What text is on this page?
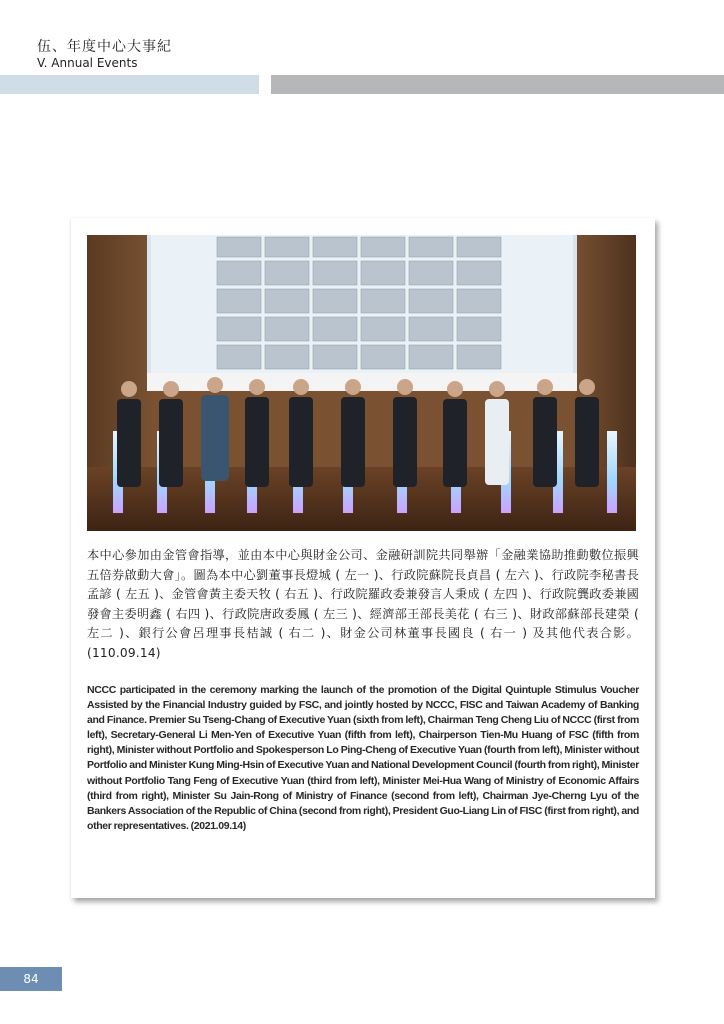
伍、年度中心大事紀
V. Annual Events
本中心參加由金管會指導，並由本中心與財金公司、金融研訓院共同舉辦「金融業協助推動數位振興五倍券啟動大會」。圖為本中心劉董事長燈城 ( 左一 )、行政院蘇院長貞昌 ( 左六 )、行政院李秘書長孟諺 ( 左五 )、金管會黃主委天牧 ( 右五 )、行政院羅政委兼發言人秉成 ( 左四 )、行政院龔政委兼國發會主委明鑫 ( 右四 )、行政院唐政委鳳 ( 左三 )、經濟部王部長美花 ( 右三 )、財政部蘇部長建榮 ( 左二 )、銀行公會呂理事長桔誠 ( 右二 )、財金公司林董事長國良 ( 右一 ) 及其他代表合影。(110.09.14)
NCCC participated in the ceremony marking the launch of the promotion of the Digital Quintuple Stimulus Voucher Assisted by the Financial Industry guided by FSC, and jointly hosted by NCCC, FISC and Taiwan Academy of Banking and Finance. Premier Su Tseng-Chang of Executive Yuan (sixth from left), Chairman Teng Cheng Liu of NCCC (first from left), Secretary-General Li Men-Yen of Executive Yuan (fifth from left), Chairperson Tien-Mu Huang of FSC (fifth from right), Minister without Portfolio and Spokesperson Lo Ping-Cheng of Executive Yuan (fourth from left), Minister without Portfolio and Minister Kung Ming-Hsin of Executive Yuan and National Development Council (fourth from right), Minister without Portfolio Tang Feng of Executive Yuan (third from left), Minister Mei-Hua Wang of Ministry of Economic Affairs (third from right), Minister Su Jain-Rong of Ministry of Finance (second from left), Chairman Jye-Cherng Lyu of the Bankers Association of the Republic of China (second from right), President Guo-Liang Lin of FISC (first from right), and other representatives. (2021.09.14)
84
